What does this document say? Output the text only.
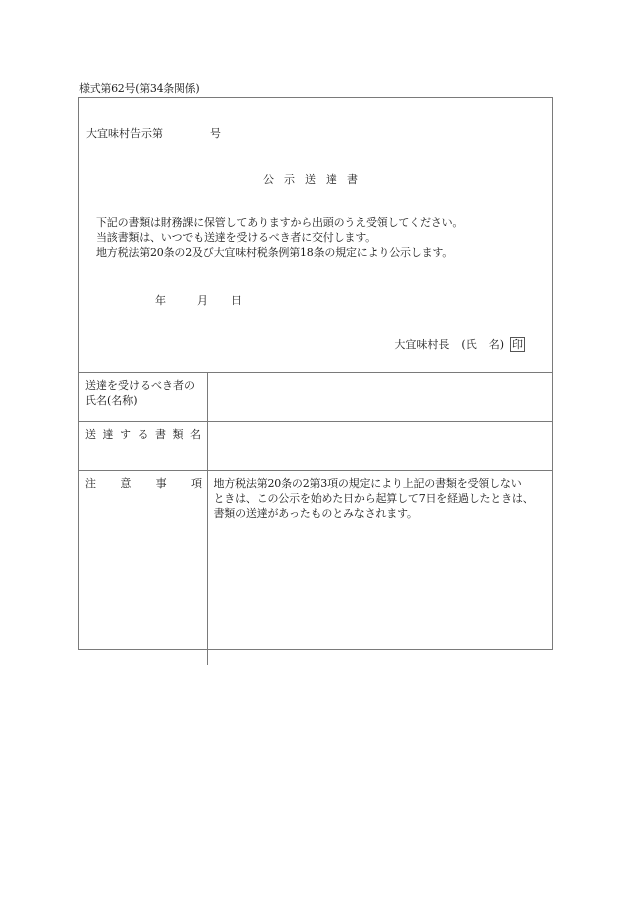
様式第62号(第34条関係)
大宜味村告示第	号
公示送達書
下記の書類は財務課に保管してありますから出頭のうえ受領してください。
当該書類は、いつでも送達を受けるべき者に交付します。
地方税法第20条の2及び大宜味村税条例第18条の規定により公示します。
年	月 日
大宜味村長 (氏 名) 印
送達を受けるべき者の
氏名(名称)	

送 達 す る 書 類 名

注 意 事 項	地方税法第20条の2第3項の規定により上記の書類を受領しない
ときは、この公示を始めた日から起算して7日を経過したときは、
書類の送達があったものとみなされます。
